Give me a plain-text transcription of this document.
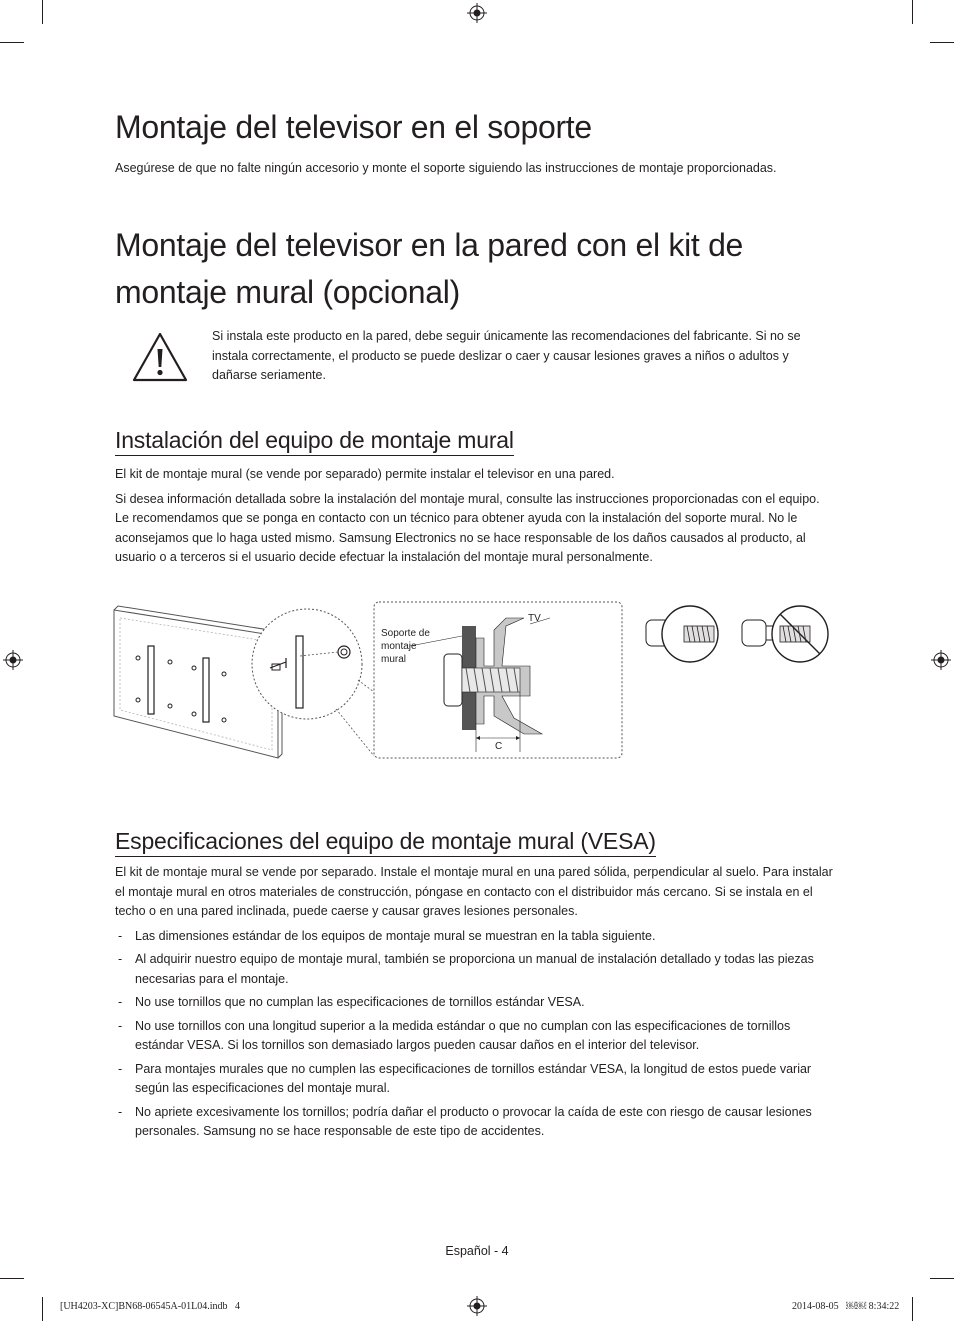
Montaje del televisor en el soporte

Asegúrese de que no falte ningún accesorio y monte el soporte siguiendo las instrucciones de montaje proporcionadas.

Montaje del televisor en la pared con el kit de montaje mural (opcional)

Si instala este producto en la pared, debe seguir únicamente las recomendaciones del fabricante. Si no se instala correctamente, el producto se puede deslizar o caer y causar lesiones graves a niños o adultos y dañarse seriamente.

Instalación del equipo de montaje mural

El kit de montaje mural (se vende por separado) permite instalar el televisor en una pared.

Si desea información detallada sobre la instalación del montaje mural, consulte las instrucciones proporcionadas con el equipo. Le recomendamos que se ponga en contacto con un técnico para obtener ayuda con la instalación del soporte mural. No le aconsejamos que lo haga usted mismo. Samsung Electronics no se hace responsable de los daños causados al producto, al usuario o a terceros si el usuario decide efectuar la instalación del montaje mural personalmente.

Soporte de
montaje
mural
TV
C
Especificaciones del equipo de montaje mural (VESA)

El kit de montaje mural se vende por separado. Instale el montaje mural en una pared sólida, perpendicular al suelo. Para instalar el montaje mural en otros materiales de construcción, póngase en contacto con el distribuidor más cercano. Si se instala en el techo o en una pared inclinada, puede caerse y causar graves lesiones personales.

- Las dimensiones estándar de los equipos de montaje mural se muestran en la tabla siguiente.
- Al adquirir nuestro equipo de montaje mural, también se proporciona un manual de instalación detallado y todas las piezas necesarias para el montaje.
- No use tornillos que no cumplan las especificaciones de tornillos estándar VESA.
- No use tornillos con una longitud superior a la medida estándar o que no cumplan con las especificaciones de tornillos estándar VESA. Si los tornillos son demasiado largos pueden causar daños en el interior del televisor.
- Para montajes murales que no cumplen las especificaciones de tornillos estándar VESA, la longitud de estos puede variar según las especificaciones del montaje mural.
- No apriete excesivamente los tornillos; podría dañar el producto o provocar la caída de este con riesgo de causar lesiones personales. Samsung no se hace responsable de este tipo de accidentes.
Español - 4
[UH4203-XC]BN68-06545A-01L04.indb   4	2014-08-05   ￼￼ 8:34:22
